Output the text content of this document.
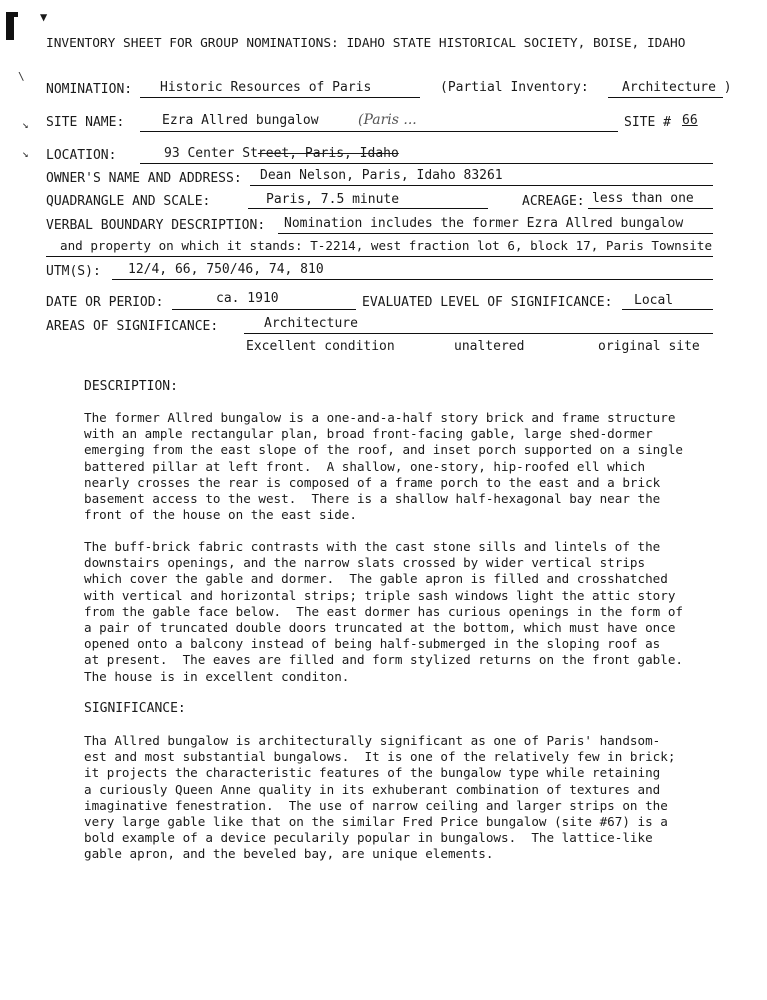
▼
\
↘
↘
INVENTORY SHEET FOR GROUP NOMINATIONS: IDAHO STATE HISTORICAL SOCIETY, BOISE, IDAHO
NOMINATION: Historic Resources of Paris	(Partial Inventory:	Architecture )
SITE NAME:	Ezra Allred bungalow	(Paris ...	SITE # 66
LOCATION:	93 Center Street, Paris, Idaho
OWNER'S NAME AND ADDRESS: Dean Nelson, Paris, Idaho 83261
QUADRANGLE AND SCALE:	Paris, 7.5 minute	ACREAGE: less than one
VERBAL BOUNDARY DESCRIPTION: Nomination includes the former Ezra Allred bungalow
and property on which it stands: T-2214, west fraction lot 6, block 17, Paris Townsite
UTM(S): 12/4, 66, 750/46, 74, 810
DATE OR PERIOD:	ca. 1910	EVALUATED LEVEL OF SIGNIFICANCE: Local
AREAS OF SIGNIFICANCE:	Architecture
Excellent condition	unaltered	original site
DESCRIPTION:
The former Allred bungalow is a one-and-a-half story brick and frame structure
with an ample rectangular plan, broad front-facing gable, large shed-dormer
emerging from the east slope of the roof, and inset porch supported on a single
battered pillar at left front.  A shallow, one-story, hip-roofed ell which
nearly crosses the rear is composed of a frame porch to the east and a brick
basement access to the west.  There is a shallow half-hexagonal bay near the
front of the house on the east side.
The buff-brick fabric contrasts with the cast stone sills and lintels of the
downstairs openings, and the narrow slats crossed by wider vertical strips
which cover the gable and dormer.  The gable apron is filled and crosshatched
with vertical and horizontal strips; triple sash windows light the attic story
from the gable face below.  The east dormer has curious openings in the form of
a pair of truncated double doors truncated at the bottom, which must have once
opened onto a balcony instead of being half-submerged in the sloping roof as
at present.  The eaves are filled and form stylized returns on the front gable.
The house is in excellent conditon.
SIGNIFICANCE:
Tha Allred bungalow is architecturally significant as one of Paris' handsom-
est and most substantial bungalows.  It is one of the relatively few in brick;
it projects the characteristic features of the bungalow type while retaining
a curiously Queen Anne quality in its exhuberant combination of textures and
imaginative fenestration.  The use of narrow ceiling and larger strips on the
very large gable like that on the similar Fred Price bungalow (site #67) is a
bold example of a device pecularily popular in bungalows.  The lattice-like
gable apron, and the beveled bay, are unique elements.
